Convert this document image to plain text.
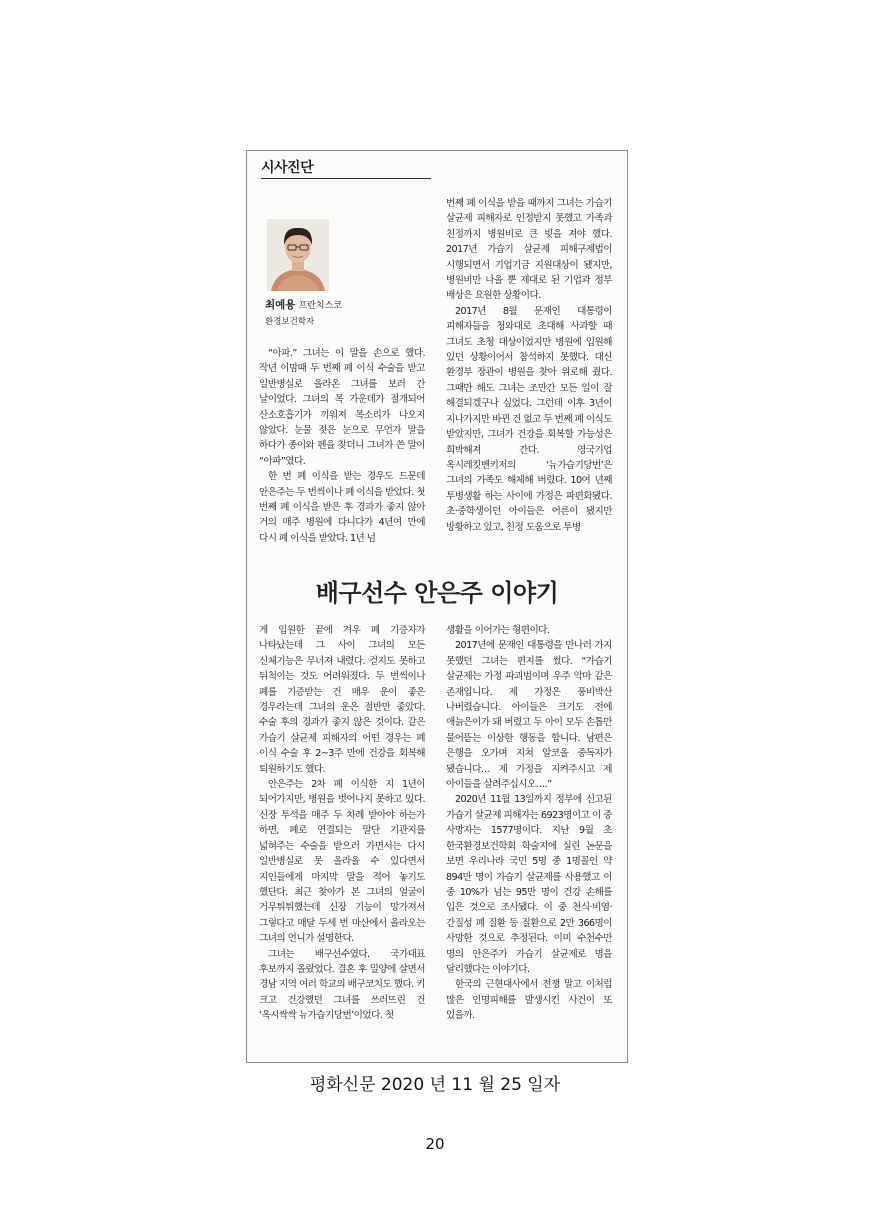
시사진단
최예용 프란치스코
환경보건학자

“아파.” 그녀는 이 말을 손으로 했다. 작년 이맘때 두 번째 폐 이식 수술을 받고 일반병실로 올라온 그녀를 보러 간 날이었다. 그녀의 목 가운데가 절개되어 산소호흡기가 끼워져 목소리가 나오지 않았다. 눈물 젖은 눈으로 무언가 말을 하다가 종이와 펜을 찾더니 그녀가 쓴 말이 “아파”였다.

한 번 폐 이식을 받는 경우도 드문데 안은주는 두 번씩이나 폐 이식을 받았다. 첫 번째 폐 이식을 받은 후 경과가 좋지 않아 거의 매주 병원에 다니다가 4년여 만에 다시 폐 이식을 받았다. 1년 넘

번째 폐 이식을 받을 때까지 그녀는 가습기 살균제 피해자로 인정받지 못했고 가족과 친정까지 병원비로 큰 빚을 져야 했다. 2017년 가습기 살균제 피해구제법이 시행되면서 기업기금 지원대상이 됐지만, 병원비만 나올 뿐 제대로 된 기업과 정부 배상은 요원한 상황이다.

2017년 8월 문재인 대통령이 피해자들을 청와대로 초대해 사과할 때 그녀도 초청 대상이었지만 병원에 입원해 있던 상황이어서 참석하지 못했다. 대신 환경부 장관이 병원을 찾아 위로해 줬다. 그때만 해도 그녀는 조만간 모든 일이 잘 해결되겠구나 싶었다. 그런데 이후 3년이 지나가지만 바뀐 건 없고 두 번째 폐 이식도 받았지만, 그녀가 건강을 회복할 가능성은 희박해져 간다. 영국기업 옥시레킷벤키저의 ‘뉴가습기당번’은 그녀의 가족도 해체해 버렸다. 10여 년째 투병생활 하는 사이에 가정은 파편화됐다. 초·중학생이던 아이들은 어른이 됐지만 방황하고 있고, 친정 도움으로 투병

배구선수 안은주 이야기

게 입원한 끝에 겨우 폐 기증자가 나타났는데 그 사이 그녀의 모든 신체기능은 무너져 내렸다. 걷지도 못하고 뒤척이는 것도 어려워졌다. 두 번씩이나 폐를 기증받는 건 매우 운이 좋은 경우라는데 그녀의 운은 절반만 좋았다. 수술 후의 경과가 좋지 않은 것이다. 같은 가습기 살균제 피해자의 어떤 경우는 폐 이식 수술 후 2~3주 만에 건강을 회복해 퇴원하기도 했다.

안은주는 2차 폐 이식한 지 1년이 되어가지만, 병원을 벗어나지 못하고 있다. 신장 투석을 매주 두 차례 받아야 하는가 하면, 폐로 연결되는 말단 기관지를 넓혀주는 수술을 받으러 가면서는 다시 일반병실로 못 올라올 수 있다면서 지인들에게 마지막 말을 적어 놓기도 했단다. 최근 찾아가 본 그녀의 얼굴이 거무튀튀했는데 신장 기능이 망가져서 그렇다고 매달 두세 번 마산에서 올라오는 그녀의 언니가 설명한다.

그녀는 배구선수였다. 국가대표 후보까지 올랐었다. 결혼 후 밀양에 살면서 경남 지역 여러 학교의 배구코치도 했다. 키 크고 건강했던 그녀를 쓰러뜨린 건 ‘옥시싹싹 뉴가습기당번’이었다. 첫

생활을 이어가는 형편이다.

2017년에 문재인 대통령을 만나러 가지 못했던 그녀는 편지를 썼다. “가습기 살균제는 가정 파괴범이며 우주 악마 같은 존재입니다. 제 가정은 풍비박산 나버렸습니다. 아이들은 크기도 전에 애늙은이가 돼 버렸고 두 아이 모두 손톱만 물어뜯는 이상한 행동을 합니다. 남편은 은행을 오가며 지쳐 알코올 중독자가 됐습니다… 제 가정을 지켜주시고 제 아이들을 살려주십시오….”

2020년 11월 13일까지 정부에 신고된 가습기 살균제 피해자는 6923명이고 이 중 사망자는 1577명이다. 지난 9월 초 한국환경보건학회 학술지에 실린 논문을 보면 우리나라 국민 5명 중 1명꼴인 약 894만 명이 가습기 살균제를 사용했고 이 중 10%가 넘는 95만 명이 건강 손해를 입은 것으로 조사됐다. 이 중 천식·비염·간질성 폐 질환 등 질환으로 2만 366명이 사망한 것으로 추정된다. 이미 수천수만 명의 안은주가 가습기 살균제로 명을 달리했다는 이야기다.

한국의 근현대사에서 전쟁 말고 이처럼 많은 인명피해를 발생시킨 사건이 또 있을까.

평화신문 2020 년 11 월 25 일자
20
